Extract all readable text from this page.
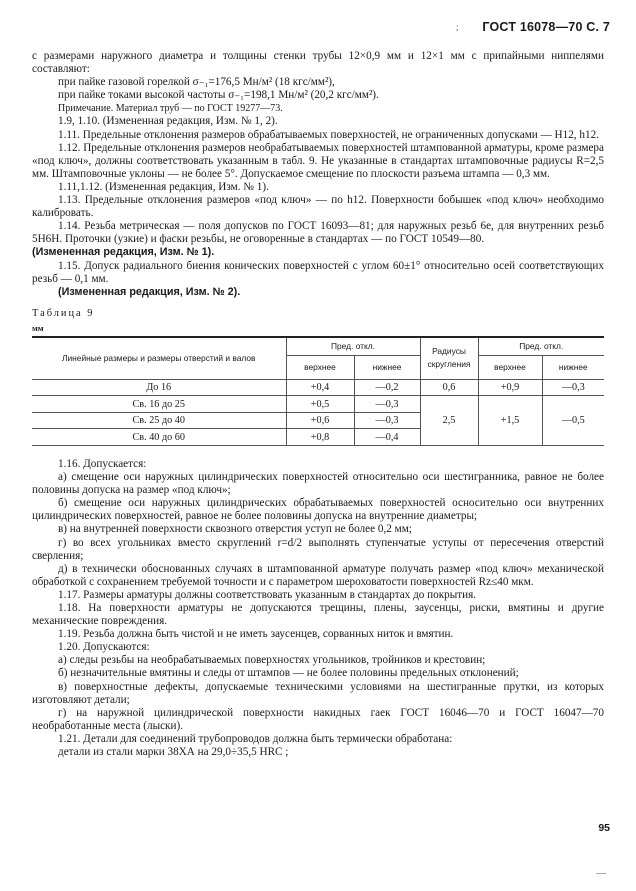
; ГОСТ 16078—70 С. 7

с размерами наружного диаметра и толщины стенки трубы 12×0,9 мм и 12×1 мм с припайными ниппелями составляют:

при пайке газовой горелкой σ₋₁=176,5 Мн/м² (18 кгс/мм²),

при пайке токами высокой частоты σ₋₁=198,1 Мн/м² (20,2 кгс/мм²).

Примечание. Материал труб — по ГОСТ 19277—73.

1.9, 1.10. (Измененная редакция, Изм. № 1, 2).

1.11. Предельные отклонения размеров обрабатываемых поверхностей, не ограниченных допусками — H12, h12.

1.12. Предельные отклонения размеров необрабатываемых поверхностей штампованной арматуры, кроме размера «под ключ», должны соответствовать указанным в табл. 9. Не указанные в стандартах штамповочные радиусы R=2,5 мм. Штамповочные уклоны — не более 5°. Допускаемое смещение по плоскости разъема штампа — 0,3 мм.

1.11,1.12. (Измененная редакция, Изм. № 1).

1.13. Предельные отклонения размеров «под ключ» — по h12. Поверхности бобышек «под ключ» необходимо калибровать.

1.14. Резьба метрическая — поля допусков по ГОСТ 16093—81; для наружных резьб 6е, для внутренних резьб 5Н6Н. Проточки (узкие) и фаски резьбы, не оговоренные в стандартах — по ГОСТ 10549—80.

(Измененная редакция, Изм. № 1).

1.15. Допуск радиального биения конических поверхностей с углом 60±1° относительно осей соответствующих резьб — 0,1 мм.

(Измененная редакция, Изм. № 2).

Таблица 9

мм

Линейные размеры и размеры отверстий и валов	Пред. откл.		Радиусы скругления	Пред. откл.	
	верхнее	нижнее		верхнее	нижнее
До 16	+0,4	—0,2	0,6	+0,9	—0,3
Св. 16 до 25	+0,5	—0,3	2,5	+1,5	—0,5
Св. 25 до 40	+0,6	—0,3			
Св. 40 до 60	+0,8	—0,4			

1.16. Допускается:

а) смещение оси наружных цилиндрических поверхностей относительно оси шестигранника, равное не более половины допуска на размер «под ключ»;

б) смещение оси наружных цилиндрических обрабатываемых поверхностей осносительно оси внутренних цилиндрических поверхностей, равное не более половины допуска на внутренние диаметры;

в) на внутренней поверхности сквозного отверстия уступ не более 0,2 мм;

г) во всех угольниках вместо скруглений r=d/2 выполнять ступенчатые уступы от пересечения отверстий сверления;

д) в технически обоснованных случаях в штампованной арматуре получать размер «под ключ» механической обработкой с сохранением требуемой точности и с параметром шероховатости поверхностей Rz≤40 мкм.

1.17. Размеры арматуры должны соответствовать указанным в стандартах до покрытия.

1.18. На поверхности арматуры не допускаются трещины, плены, заусенцы, риски, вмятины и другие механические повреждения.

1.19. Резьба должна быть чистой и не иметь заусенцев, сорванных ниток и вмятин.

1.20. Допускаются:

а) следы резьбы на необрабатываемых поверхностях угольников, тройников и крестовин;

б) незначительные вмятины и следы от штампов — не более половины предельных отклонений;

в) поверхностные дефекты, допускаемые техническими условиями на шестигранные прутки, из которых изготовляют детали;

г) на наружной цилиндрической поверхности накидных гаек ГОСТ 16046—70 и ГОСТ 16047—70 необработанные места (лыски).

1.21. Детали для соединений трубопроводов должна быть термически обработана:

детали из стали марки 38ХА на 29,0÷35,5 HRC ;

95
—
